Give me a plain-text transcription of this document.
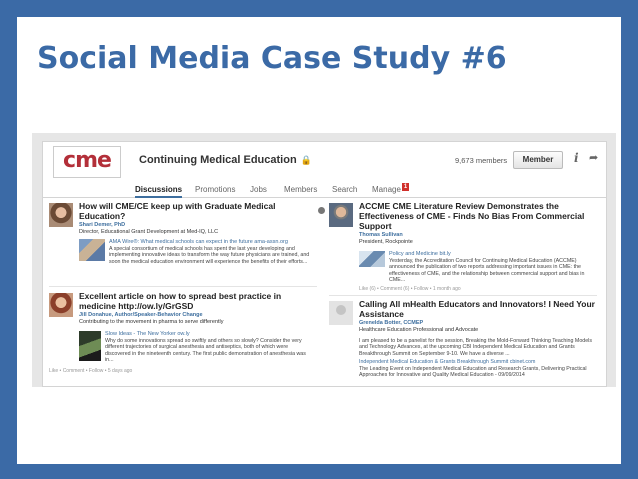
Social Media Case Study #6
cme	Continuing Medical Education 🔒	9,673 members	Member	i ➦
Discussions Promotions Jobs Members Search Manage 1
How will CME/CE keep up with Graduate Medical Education?
Shari Demer, PhD
Director, Educational Grant Development at Med-IQ, LLC
AMA Wire®: What medical schools can expect in the future ama-assn.org
A special consortium of medical schools has spent the last year developing and implementing innovative ideas to transform the way future physicians are trained, and soon the medical education environment will experience the benefits of their efforts...
Excellent article on how to spread best practice in medicine http://ow.ly/GrGSD
Jill Donahue, Author/Speaker-Behavior Change
Contributing to the movement in pharma to serve differently
Slow Ideas - The New Yorker ow.ly
Why do some innovations spread so swiftly and others so slowly? Consider the very different trajectories of surgical anesthesia and antiseptics, both of which were discovered in the nineteenth century. The first public demonstration of anesthesia was in...
Like • Comment • Follow • 5 days ago
ACCME CME Literature Review Demonstrates the Effectiveness of CME - Finds No Bias From Commercial Support
Thomas Sullivan
President, Rockpointe
Policy and Medicine bit.ly
Yesterday, the Accreditation Council for Continuing Medical Education (ACCME) announced the publication of two reports addressing important issues in CME: the effectiveness of CME, and the relationship between commercial support and bias in CME...
Like (6) • Comment (6) • Follow • 1 month ago
Calling All mHealth Educators and Innovators! I Need Your Assistance
Grenelda Botter, CCMEP
Healthcare Education Professional and Advocate
I am pleased to be a panelist for the session, Breaking the Mold-Forward Thinking Teaching Models and Technology Advances, at the upcoming CBI Independent Medical Education and Grants Breakthrough Summit on September 9-10. We have a diverse ...
Independent Medical Education & Grants Breakthrough Summit cbinet.com
The Leading Event on Independent Medical Education and Research Grants, Delivering Practical Approaches for Innovative and Quality Medical Education - 09/09/2014
